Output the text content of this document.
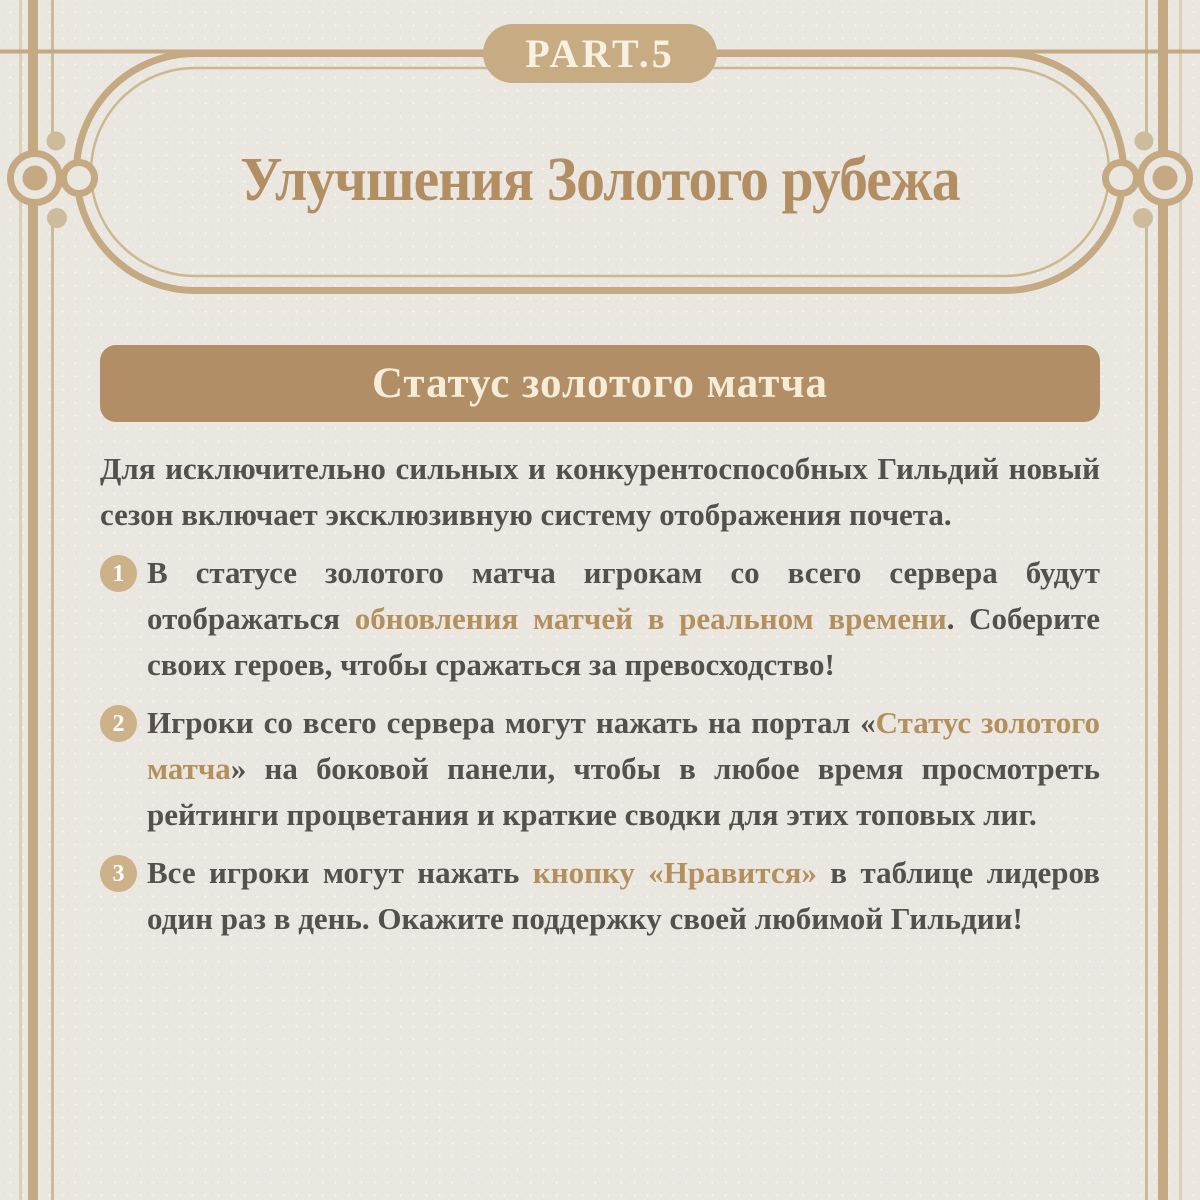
PART.5
Улучшения Золотого рубежа
Статус золотого матча

Для исключительно сильных и конкурентоспособных Гильдий новый сезон включает эксклюзивную систему отображения почета.

1 В статусе золотого матча игрокам со всего сервера будут отображаться обновления матчей в реальном времени. Соберите своих героев, чтобы сражаться за превосходство!
2 Игроки со всего сервера могут нажать на портал «Статус золотого матча» на боковой панели, чтобы в любое время просмотреть рейтинги процветания и краткие сводки для этих топовых лиг.
3 Все игроки могут нажать кнопку «Нравится» в таблице лидеров один раз в день. Окажите поддержку своей любимой Гильдии!
